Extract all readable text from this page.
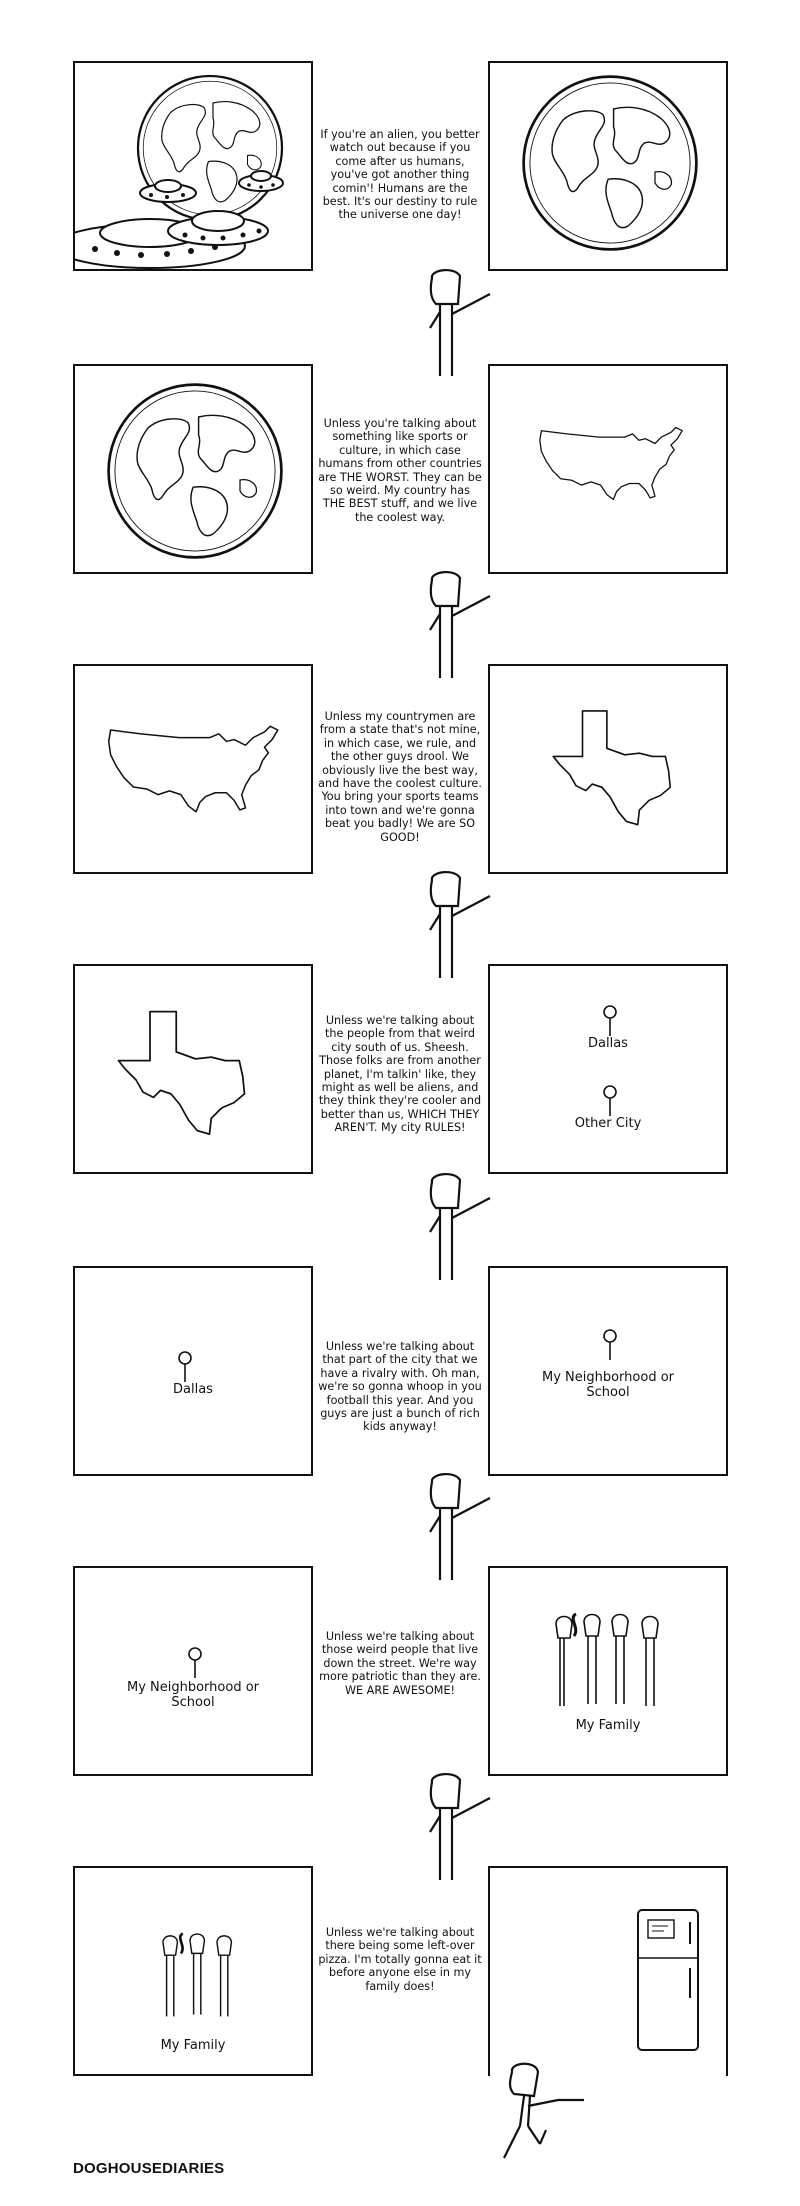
If you're an alien, you better watch out because if you come after us humans, you've got another thing comin'! Humans are the best. It's our destiny to rule the universe one day!
Unless you're talking about something like sports or culture, in which case humans from other countries are THE WORST. They can be so weird. My country has THE BEST stuff, and we live the coolest way.
Unless my countrymen are from a state that's not mine, in which case, we rule, and the other guys drool. We obviously live the best way, and have the coolest culture. You bring your sports teams into town and we're gonna beat you badly! We are SO GOOD!
Unless we're talking about the people from that weird city south of us. Sheesh. Those folks are from another planet, I'm talkin' like, they might as well be aliens, and they think they're cooler and better than us, WHICH THEY AREN'T. My city RULES!
Dallas
Other City
Dallas
Unless we're talking about that part of the city that we have a rivalry with. Oh man, we're so gonna whoop in you football this year. And you guys are just a bunch of rich kids anyway!
My Neighborhood or School
My Neighborhood or School
Unless we're talking about those weird people that live down the street. We're way more patriotic than they are. WE ARE AWESOME!
My Family
My Family
Unless we're talking about there being some left-over pizza. I'm totally gonna eat it before anyone else in my family does!
DOGHOUSEDIARIES
